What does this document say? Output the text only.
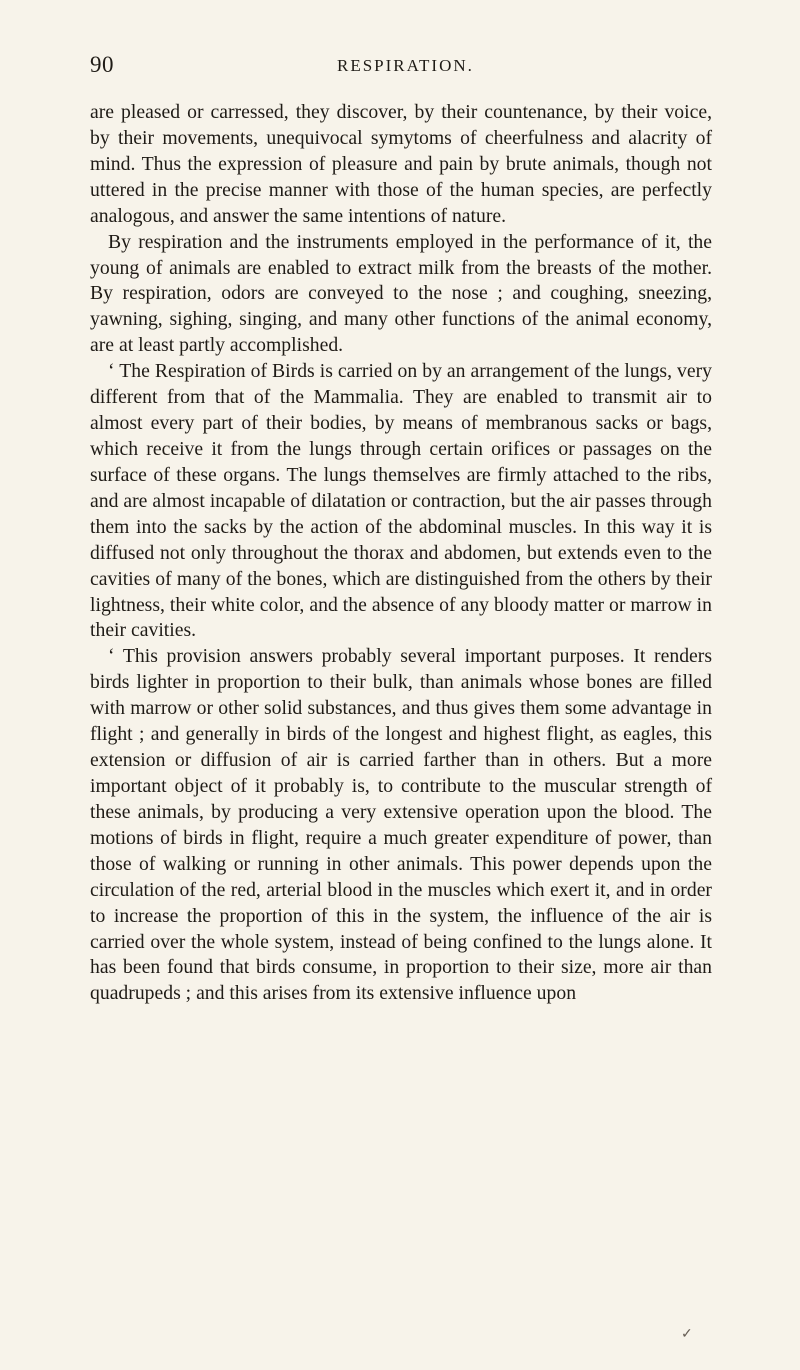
90	RESPIRATION.

are pleased or carressed, they discover, by their countenance, by their voice, by their movements, unequivocal symytoms of cheerfulness and alacrity of mind. Thus the expression of pleasure and pain by brute animals, though not uttered in the precise manner with those of the human species, are perfectly analogous, and answer the same intentions of nature.

By respiration and the instruments employed in the performance of it, the young of animals are enabled to extract milk from the breasts of the mother. By respiration, odors are conveyed to the nose ; and coughing, sneezing, yawning, sighing, singing, and many other functions of the animal economy, are at least partly accomplished.

‘ The Respiration of Birds is carried on by an arrangement of the lungs, very different from that of the Mammalia. They are enabled to transmit air to almost every part of their bodies, by means of membranous sacks or bags, which receive it from the lungs through certain orifices or passages on the surface of these organs. The lungs themselves are firmly attached to the ribs, and are almost incapable of dilatation or contraction, but the air passes through them into the sacks by the action of the abdominal muscles. In this way it is diffused not only throughout the thorax and abdomen, but extends even to the cavities of many of the bones, which are distinguished from the others by their lightness, their white color, and the absence of any bloody matter or marrow in their cavities.

‘ This provision answers probably several important purposes. It renders birds lighter in proportion to their bulk, than animals whose bones are filled with marrow or other solid substances, and thus gives them some advantage in flight ; and generally in birds of the longest and highest flight, as eagles, this extension or diffusion of air is carried farther than in others. But a more important object of it probably is, to contribute to the muscular strength of these animals, by producing a very extensive operation upon the blood. The motions of birds in flight, require a much greater expenditure of power, than those of walking or running in other animals. This power depends upon the circulation of the red, arterial blood in the muscles which exert it, and in order to increase the proportion of this in the system, the influence of the air is carried over the whole system, instead of being confined to the lungs alone. It has been found that birds consume, in proportion to their size, more air than quadrupeds ; and this arises from its extensive influence upon

✓
